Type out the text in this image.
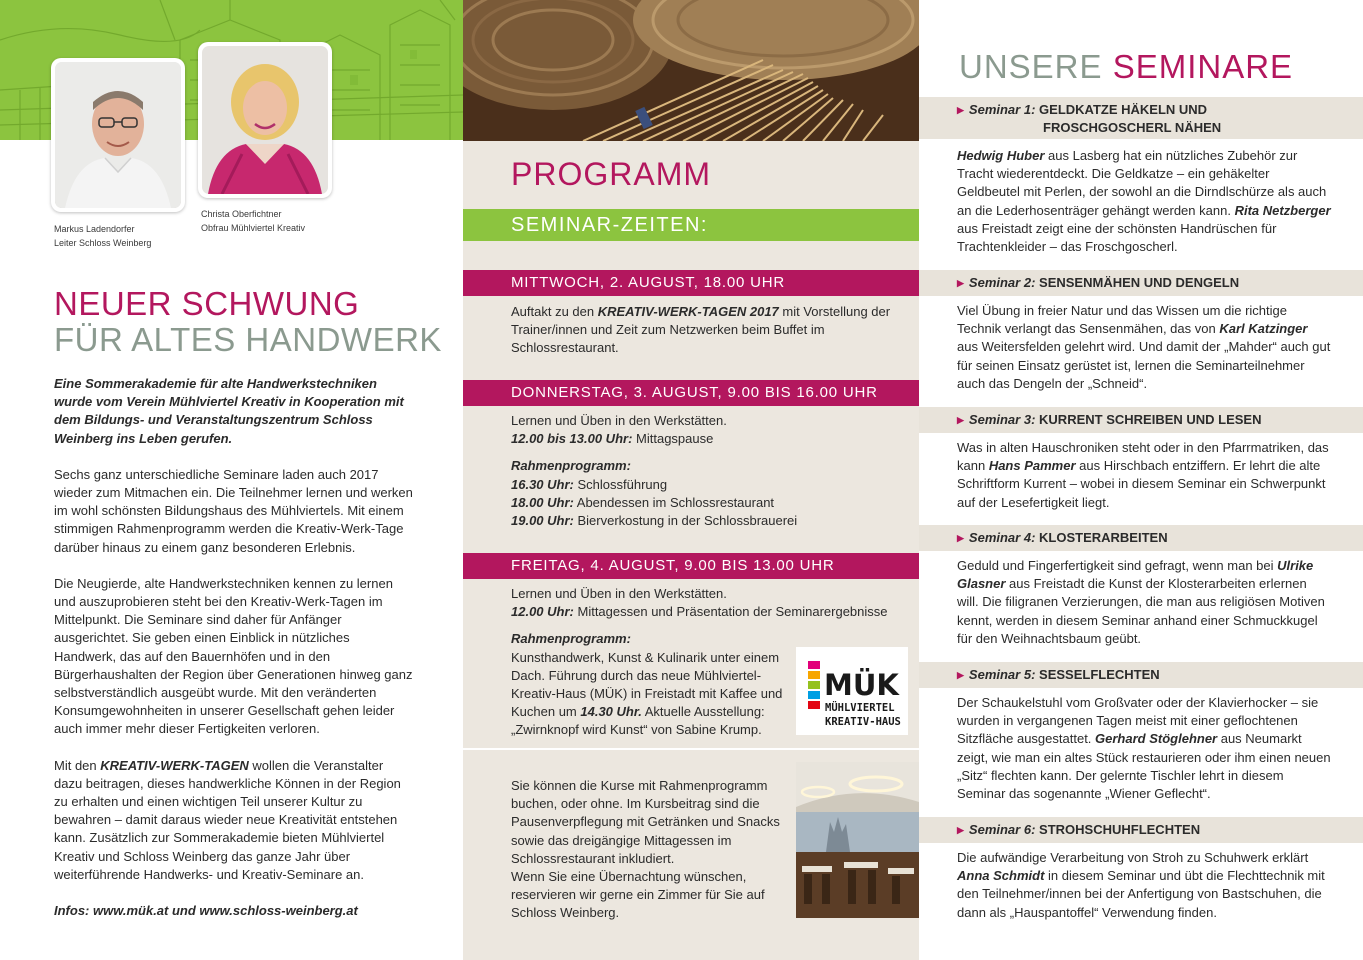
Markus Ladendorfer
Leiter Schloss Weinberg
Christa Oberfichtner
Obfrau Mühlviertel Kreativ
NEUER SCHWUNG
FÜR ALTES HANDWERK

Eine Sommerakademie für alte Handwerkstechniken wurde vom Verein Mühlviertel Kreativ in Kooperation mit dem Bildungs- und Veranstaltungszentrum Schloss Weinberg ins Leben gerufen.

Sechs ganz unterschiedliche Seminare laden auch 2017 wieder zum Mitmachen ein. Die Teilnehmer lernen und werken im wohl schönsten Bildungshaus des Mühlviertels. Mit einem stimmigen Rahmenprogramm werden die Kreativ-Werk-Tage darüber hinaus zu einem ganz besonderen Erlebnis.

Die Neugierde, alte Handwerkstechniken kennen zu lernen und auszuprobieren steht bei den Kreativ-Werk-Tagen im Mittelpunkt. Die Seminare sind daher für Anfänger ausgerichtet. Sie geben einen Einblick in nützliches Handwerk, das auf den Bauernhöfen und in den Bürgerhaushalten der Region über Generationen hinweg ganz selbstverständlich ausgeübt wurde. Mit den veränderten Konsumgewohnheiten in unserer Gesellschaft gehen leider auch immer mehr dieser Fertigkeiten verloren.

Mit den KREATIV-WERK-TAGEN wollen die Veranstalter dazu beitragen, dieses handwerkliche Können in der Region zu erhalten und einen wichtigen Teil unserer Kultur zu bewahren – damit daraus wieder neue Kreativität entstehen kann. Zusätzlich zur Sommerakademie bieten Mühlviertel Kreativ und Schloss Weinberg das ganze Jahr über weiterführende Handwerks- und Kreativ-Seminare an.

Infos: www.mük.at und www.schloss-weinberg.at

PROGRAMM
SEMINAR-ZEITEN:
MITTWOCH, 2. AUGUST, 18.00 UHR
Auftakt zu den KREATIV-WERK-TAGEN 2017 mit Vorstellung der Trainer/innen und Zeit zum Netzwerken beim Buffet im Schlossrestaurant.
DONNERSTAG, 3. AUGUST, 9.00 BIS 16.00 UHR
Lernen und Üben in den Werkstätten.
12.00 bis 13.00 Uhr: Mittagspause
Rahmenprogramm:
16.30 Uhr: Schlossführung
18.00 Uhr: Abendessen im Schlossrestaurant
19.00 Uhr: Bierverkostung in der Schlossbrauerei
FREITAG, 4. AUGUST, 9.00 BIS 13.00 UHR
Lernen und Üben in den Werkstätten.
12.00 Uhr: Mittagessen und Präsentation der Seminarergebnisse
Rahmenprogramm:
Kunsthandwerk, Kunst & Kulinarik unter einem Dach. Führung durch das neue Mühlviertel-Kreativ-Haus (MÜK) in Freistadt mit Kaffee und Kuchen um 14.30 Uhr. Aktuelle Ausstellung: „Zwirnknopf wird Kunst“ von Sabine Krump.
MÜK
MÜHLVIERTEL
KREATIV-HAUS
Sie können die Kurse mit Rahmenprogramm buchen, oder ohne. Im Kursbeitrag sind die Pausenverpflegung mit Getränken und Snacks sowie das dreigängige Mittagessen im Schlossrestaurant inkludiert.
Wenn Sie eine Übernachtung wünschen, reservieren wir gerne ein Zimmer für Sie auf Schloss Weinberg.
UNSERE SEMINARE
▶ Seminar 1: GELDKATZE HÄKELN UND
FROSCHGOSCHERL NÄHEN
Hedwig Huber aus Lasberg hat ein nützliches Zubehör zur Tracht wiederentdeckt. Die Geldkatze – ein gehäkelter Geldbeutel mit Perlen, der sowohl an die Dirndlschürze als auch an die Lederhosenträger gehängt werden kann. Rita Netzberger aus Freistadt zeigt eine der schönsten Handrüschen für Trachtenkleider – das Froschgoscherl.
▶ Seminar 2: SENSENMÄHEN UND DENGELN
Viel Übung in freier Natur und das Wissen um die richtige Technik verlangt das Sensenmähen, das von Karl Katzinger aus Weitersfelden gelehrt wird. Und damit der „Mahder“ auch gut für seinen Einsatz gerüstet ist, lernen die Seminarteilnehmer auch das Dengeln der „Schneid“.
▶ Seminar 3: KURRENT SCHREIBEN UND LESEN
Was in alten Hauschroniken steht oder in den Pfarrmatriken, das kann Hans Pammer aus Hirschbach entziffern. Er lehrt die alte Schriftform Kurrent – wobei in diesem Seminar ein Schwerpunkt auf der Lesefertigkeit liegt.
▶ Seminar 4: KLOSTERARBEITEN
Geduld und Fingerfertigkeit sind gefragt, wenn man bei Ulrike Glasner aus Freistadt die Kunst der Klosterarbeiten erlernen will. Die filigranen Verzierungen, die man aus religiösen Motiven kennt, werden in diesem Seminar anhand einer Schmuckkugel für den Weihnachtsbaum geübt.
▶ Seminar 5: SESSELFLECHTEN
Der Schaukelstuhl vom Großvater oder der Klavierhocker – sie wurden in vergangenen Tagen meist mit einer geflochtenen Sitzfläche ausgestattet. Gerhard Stöglehner aus Neumarkt zeigt, wie man ein altes Stück restaurieren oder ihm einen neuen „Sitz“ flechten kann. Der gelernte Tischler lehrt in diesem Seminar das sogenannte „Wiener Geflecht“.
▶ Seminar 6: STROHSCHUHFLECHTEN
Die aufwändige Verarbeitung von Stroh zu Schuhwerk erklärt Anna Schmidt in diesem Seminar und übt die Flechttechnik mit den Teilnehmer/innen bei der Anfertigung von Bastschuhen, die dann als „Hauspantoffel“ Verwendung finden.
